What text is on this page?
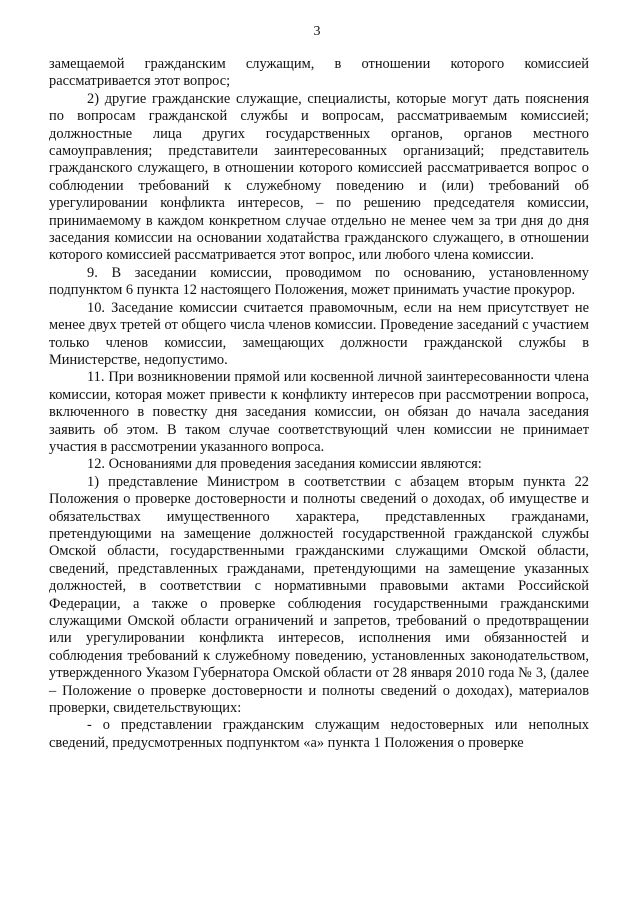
3

замещаемой гражданским служащим, в отношении которого комиссией рассматривается этот вопрос;

2) другие гражданские служащие, специалисты, которые могут дать пояснения по вопросам гражданской службы и вопросам, рассматриваемым комиссией; должностные лица других государственных органов, органов местного самоуправления; представители заинтересованных организаций; представитель гражданского служащего, в отношении которого комиссией рассматривается вопрос о соблюдении требований к служебному поведению и (или) требований об урегулировании конфликта интересов, – по решению председателя комиссии, принимаемому в каждом конкретном случае отдельно не менее чем за три дня до дня заседания комиссии на основании ходатайства гражданского служащего, в отношении которого комиссией рассматривается этот вопрос, или любого члена комиссии.

9. В заседании комиссии, проводимом по основанию, установленному подпунктом 6 пункта 12 настоящего Положения, может принимать участие прокурор.

10. Заседание комиссии считается правомочным, если на нем присутствует не менее двух третей от общего числа членов комиссии. Проведение заседаний с участием только членов комиссии, замещающих должности гражданской службы в Министерстве, недопустимо.

11. При возникновении прямой или косвенной личной заинтересованности члена комиссии, которая может привести к конфликту интересов при рассмотрении вопроса, включенного в повестку дня заседания комиссии, он обязан до начала заседания заявить об этом. В таком случае соответствующий член комиссии не принимает участия в рассмотрении указанного вопроса.

12. Основаниями для проведения заседания комиссии являются:

1) представление Министром в соответствии с абзацем вторым пункта 22 Положения о проверке достоверности и полноты сведений о доходах, об имуществе и обязательствах имущественного характера, представленных гражданами, претендующими на замещение должностей государственной гражданской службы Омской области, государственными гражданскими служащими Омской области, сведений, представленных гражданами, претендующими на замещение указанных должностей, в соответствии с нормативными правовыми актами Российской Федерации, а также о проверке соблюдения государственными гражданскими служащими Омской области ограничений и запретов, требований о предотвращении или урегулировании конфликта интересов, исполнения ими обязанностей и соблюдения требований к служебному поведению, установленных законодательством, утвержденного Указом Губернатора Омской области от 28 января 2010 года № 3, (далее – Положение о проверке достоверности и полноты сведений о доходах), материалов проверки, свидетельствующих:

- о представлении гражданским служащим недостоверных или неполных сведений, предусмотренных подпунктом «а» пункта 1 Положения о проверке
